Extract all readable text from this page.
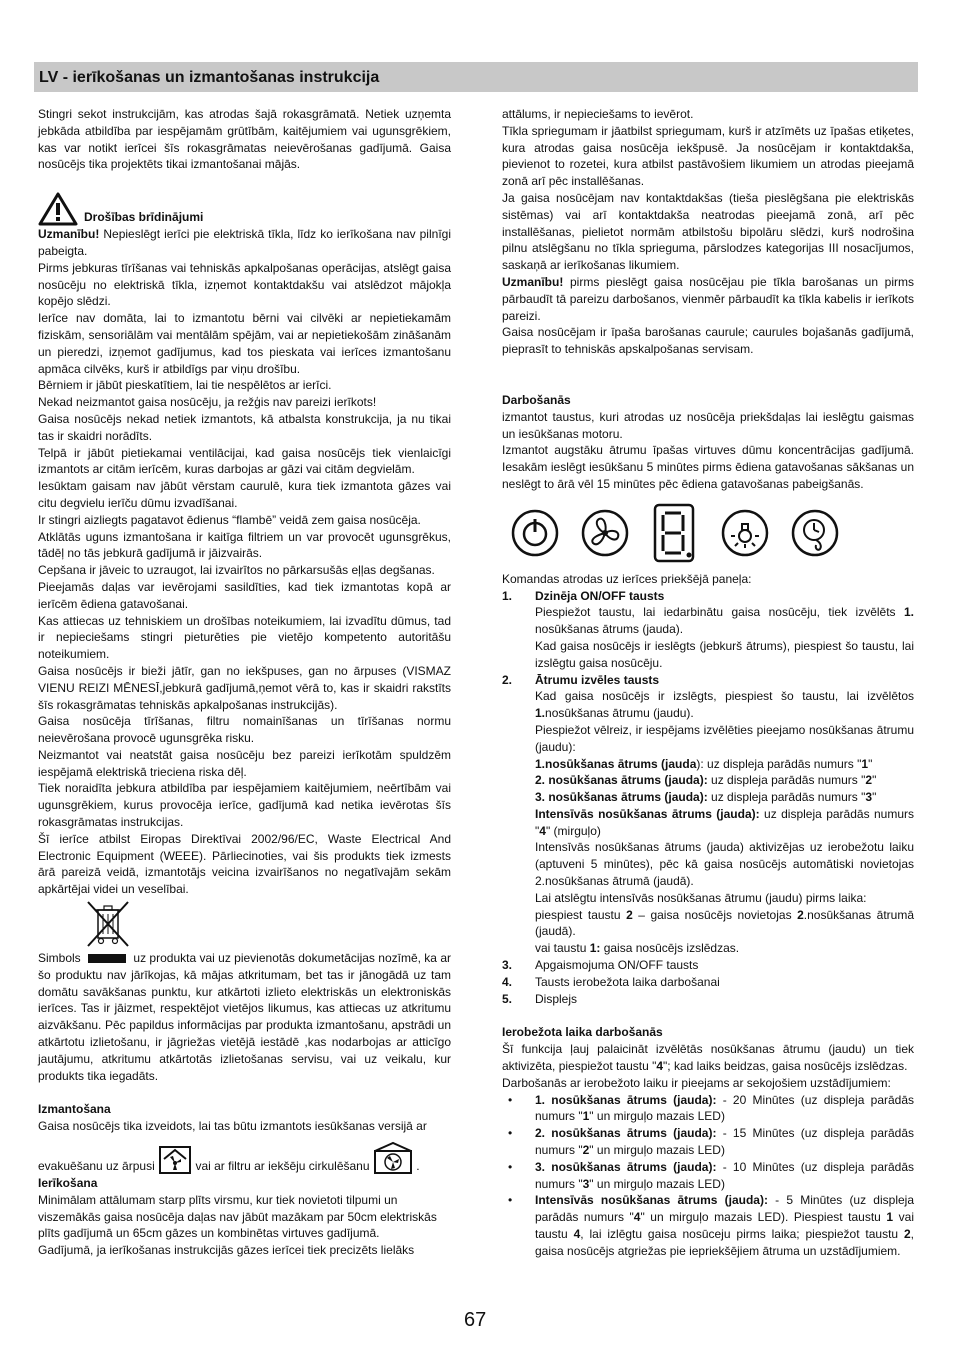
LV - ierīkošanas un izmantošanas instrukcija

Stingri sekot instrukcijām, kas atrodas šajā rokasgrāmatā. Netiek uzņemta jebkāda atbildība par iespējamām grūtībām, kaitējumiem vai ugunsgrēkiem, kas var notikt ierīcei šīs rokasgrāmatas neievērošanas gadījumā. Gaisa nosūcējs tika projektēts tikai izmantošanai mājās.

Drošības brīdinājumi

Uzmanību! Nepieslēgt ierīci pie elektriskā tīkla, līdz ko ierīkošana nav pilnīgi pabeigta.

Pirms jebkuras tīrīšanas vai tehniskās apkalpošanas operācijas, atslēgt gaisa nosūcēju no elektriskā tīkla, izņemot kontaktdakšu vai atslēdzot mājokļa kopējo slēdzi.

Ierīce nav domāta, lai to izmantotu bērni vai cilvēki ar nepietiekamām fiziskām, sensoriālām vai mentālām spējām, vai ar nepietiekošām zināšanām un pieredzi, izņemot gadījumus, kad tos pieskata vai ierīces izmantošanu apmāca cilvēks, kurš ir atbildīgs par viņu drošību.

Bērniem ir jābūt pieskatītiem, lai tie nespēlētos ar ierīci.

Nekad neizmantot gaisa nosūcēju, ja režģis nav pareizi ierīkots!

Gaisa nosūcējs nekad netiek izmantots, kā atbalsta konstrukcija, ja nu tikai tas ir skaidri norādīts.

Telpā ir jābūt pietiekamai ventilācijai, kad gaisa nosūcējs tiek vienlaicīgi izmantots ar citām ierīcēm, kuras darbojas ar gāzi vai citām degvielām.

Iesūktam gaisam nav jābūt vērstam caurulē, kura tiek izmantota gāzes vai citu degvielu ierīču dūmu izvadīšanai.

Ir stingri aizliegts pagatavot ēdienus “flambē” veidā zem gaisa nosūcēja.

Atklātās uguns izmantošana ir kaitīga filtriem un var provocēt ugunsgrēkus, tādēļ no tās jebkurā gadījumā ir jāizvairās.

Cepšana ir jāveic to uzraugot, lai izvairītos no pārkarsušās eļļas degšanas.

Pieejamās daļas var ievērojami sasildīties, kad tiek izmantotas kopā ar ierīcēm ēdiena gatavošanai.

Kas attiecas uz tehniskiem un drošības noteikumiem, lai izvadītu dūmus, tad ir nepieciešams stingri pieturēties pie vietējo kompetento autoritāšu noteikumiem.

Gaisa nosūcējs ir bieži jātīr, gan no iekšpuses, gan no ārpuses (VISMAZ VIENU REIZI MĒNESĪ,jebkurā gadījumā,ņemot vērā to, kas ir skaidri rakstīts šīs rokasgrāmatas tehniskās apkalpošanas instrukcijās).

Gaisa nosūcēja tīrīšanas, filtru nomainīšanas un tīrīšanas normu neievērošana provocē ugunsgrēka risku.

Neizmantot vai neatstāt gaisa nosūcēju bez pareizi ierīkotām spuldzēm iespējamā elektriskā trieciena riska dēļ.

Tiek noraidīta jebkura atbildība par iespējamiem kaitējumiem, neērtībām vai ugunsgrēkiem, kurus provocēja ierīce, gadījumā kad netika ievērotas šīs rokasgrāmatas instrukcijas.

Šī ierīce atbilst Eiropas Direktīvai 2002/96/EC, Waste Electrical And Electronic Equipment (WEEE). Pārliecinoties, vai šis produkts tiek izmests ārā pareizā veidā, izmantotājs veicina izvairīšanos no negatīvajām sekām apkārtējai videi un veselībai.

Simbols	uz produkta vai uz pievienotās dokumetācijas nozīmē, ka ar šo produktu nav jārīkojas, kā mājas atkritumam, bet tas ir jānogādā uz tam domātu savākšanas punktu, kur atkārtoti izlieto elektriskās un elektroniskās ierīces. Tas ir jāizmet, respektējot vietējos likumus, kas attiecas uz atkritumu aizvākšanu. Pēc papildus informācijas par produkta izmantošanu, apstrādi un atkārtotu izlietošanu, ir jāgriežas vietējā iestādē ,kas nodarbojas ar atticīgo jautājumu, atkritumu atkārtotās izlietošanas servisu, vai uz veikalu, kur produkts tika iegadāts.

Izmantošana

Gaisa nosūcējs tika izveidots, lai tas būtu izmantots iesūkšanas versijā ar

evakuēšanu uz ārpusi	vai ar filtru ar iekšēju cirkulēšanu	.

Ierīkošana

Minimālam attālumam starp plīts virsmu, kur tiek novietoti tilpumi un viszemākās gaisa nosūcēja daļas nav jābūt mazākam par 50cm elektriskās plīts gadījumā un 65cm gāzes un kombinētas virtuves gadījumā.

Gadījumā, ja ierīkošanas instrukcijās gāzes ierīcei tiek precizēts lielāks

attālums, ir nepieciešams to ievērot.

Tīkla spriegumam ir jāatbilst spriegumam, kurš ir atzīmēts uz īpašas etiķetes, kura atrodas gaisa nosūcēja iekšpusē. Ja nosūcējam ir kontaktdakša, pievienot to rozetei, kura atbilst pastāvošiem likumiem un atrodas pieejamā zonā arī pēc installēšanas.

Ja gaisa nosūcējam nav kontaktdakšas (tieša pieslēgšana pie elektriskās sistēmas) vai arī kontaktdakša neatrodas pieejamā zonā, arī pēc installēšanas, pielietot normām atbilstošu bipolāru slēdzi, kurš nodrošina pilnu atslēgšanu no tīkla sprieguma, pārslodzes kategorijas III nosacījumos, saskaņā ar ierīkošanas likumiem.

Uzmanību! pirms pieslēgt gaisa nosūcējau pie tīkla barošanas un pirms pārbaudīt tā pareizu darbošanos, vienmēr pārbaudīt ka tīkla kabelis ir ierīkots pareizi.

Gaisa nosūcējam ir īpaša barošanas caurule; caurules bojašanās gadījumā, pieprasīt to tehniskās apskalpošanas servisam.

Darbošanās

izmantot taustus, kuri atrodas uz nosūcēja priekšdaļas lai ieslēgtu gaismas un iesūkšanas motoru.

Izmantot augstāku ātrumu īpašas virtuves dūmu koncentrācijas gadījumā. Iesakām ieslēgt iesūkšanu 5 minūtes pirms ēdiena gatavošanas sākšanas un neslēgt to ārā vēl 15 minūtes pēc ēdiena gatavošanas pabeigšanās.

Komandas atrodas uz ierīces priekšējā paneļa:

1.	Dzinēja ON/OFF tausts

Piespiežot taustu, lai iedarbinātu gaisa nosūcēju, tiek izvēlēts 1. nosūkšanas ātrums (jauda).

Kad gaisa nosūcējs ir ieslēgts (jebkurš ātrums), piespiest šo taustu, lai izslēgtu gaisa nosūcēju.

2.	Ātrumu izvēles tausts

Kad gaisa nosūcējs ir izslēgts, piespiest šo taustu, lai izvēlētos 1.nosūkšanas ātrumu (jaudu).

Piespiežot vēlreiz, ir iespējams izvēlēties pieejamo nosūkšanas ātrumu (jaudu):

1.nosūkšanas ātrums (jauda): uz displeja parādās numurs "1"

2. nosūkšanas ātrums (jauda): uz displeja parādās numurs "2"

3. nosūkšanas ātrums (jauda): uz displeja parādās numurs "3"

Intensīvās nosūkšanas ātrums (jauda): uz displeja parādās numurs "4" (mirguļo)

Intensīvās nosūkšanas ātrums (jauda) aktivizējas uz ierobežotu laiku (aptuveni 5 minūtes), pēc kā gaisa nosūcējs automātiski novietojas 2.nosūkšanas ātrumā (jaudā).

Lai atslēgtu intensīvās nosūkšanas ātrumu (jaudu) pirms laika:

piespiest taustu 2 – gaisa nosūcējs novietojas 2.nosūkšanas ātrumā (jaudā).

vai taustu 1: gaisa nosūcējs izslēdzas.

3.	Apgaismojuma ON/OFF tausts
4.	Tausts ierobežota laika darbošanai
5.	Displejs

Ierobežota laika darbošanās

Šī funkcija ļauj palaicināt izvēlētās nosūkšanas ātrumu (jaudu) un tiek aktivizēta, piespiežot taustu "4"; kad laiks beidzas, gaisa nosūcējs izslēdzas.

Darbošanās ar ierobežoto laiku ir pieejams ar sekojošiem uzstādījumiem:

•	1. nosūkšanas ātrums (jauda): - 20 Minūtes (uz displeja parādās numurs "1" un mirguļo mazais LED)
•	2. nosūkšanas ātrums (jauda): - 15 Minūtes (uz displeja parādās numurs "2" un mirguļo mazais LED)
•	3. nosūkšanas ātrums (jauda): - 10 Minūtes (uz displeja parādās numurs "3" un mirguļo mazais LED)
•	Intensīvās nosūkšanas ātrums (jauda): - 5 Minūtes (uz displeja parādās numurs "4" un mirguļo mazais LED). Piespiest taustu 1 vai taustu 4, lai izlēgtu gaisa nosūceju pirms laika; piespiežot taustu 2, gaisa nosūcējs atgriežas pie iepriekšējiem ātruma un uzstādījumiem.
67
